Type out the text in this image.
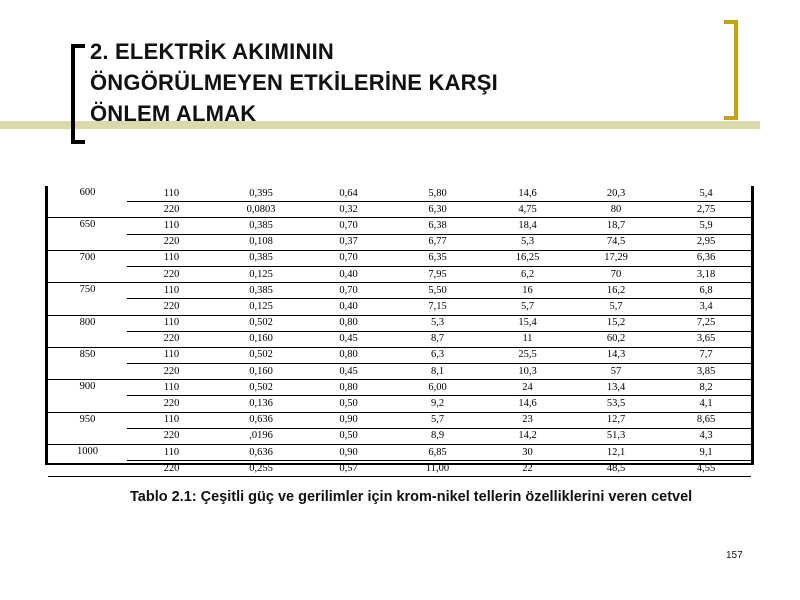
2. ELEKTRİK AKIMININ
ÖNGÖRÜLMEYEN ETKİLERİNE KARŞI
ÖNLEM ALMAK
600	110	0,395	0,64	5,80	14,6	20,3	5,4
	220	0,0803	0,32	6,30	4,75	80	2,75
650	110	0,385	0,70	6,38	18,4	18,7	5,9
	220	0,108	0,37	6,77	5,3	74,5	2,95
700	110	0,385	0,70	6,35	16,25	17,29	6,36
	220	0,125	0,40	7,95	6,2	70	3,18
750	110	0,385	0,70	5,50	16	16,2	6,8
	220	0,125	0,40	7,15	5,7	5,7	3,4
800	110	0,502	0,80	5,3	15,4	15,2	7,25
	220	0,160	0,45	8,7	11	60,2	3,65
850	110	0,502	0,80	6,3	25,5	14,3	7,7
	220	0,160	0,45	8,1	10,3	57	3,85
900	110	0,502	0,80	6,00	24	13,4	8,2
	220	0,136	0,50	9,2	14,6	53,5	4,1
950	110	0,636	0,90	5,7	23	12,7	8,65
	220	,0196	0,50	8,9	14,2	51,3	4,3
1000	110	0,636	0,90	6,85	30	12,1	9,1
	220	0,255	0,57	11,00	22	48,5	4,55
Tablo 2.1: Çeşitli güç ve gerilimler için krom-nikel tellerin özelliklerini veren cetvel
157
